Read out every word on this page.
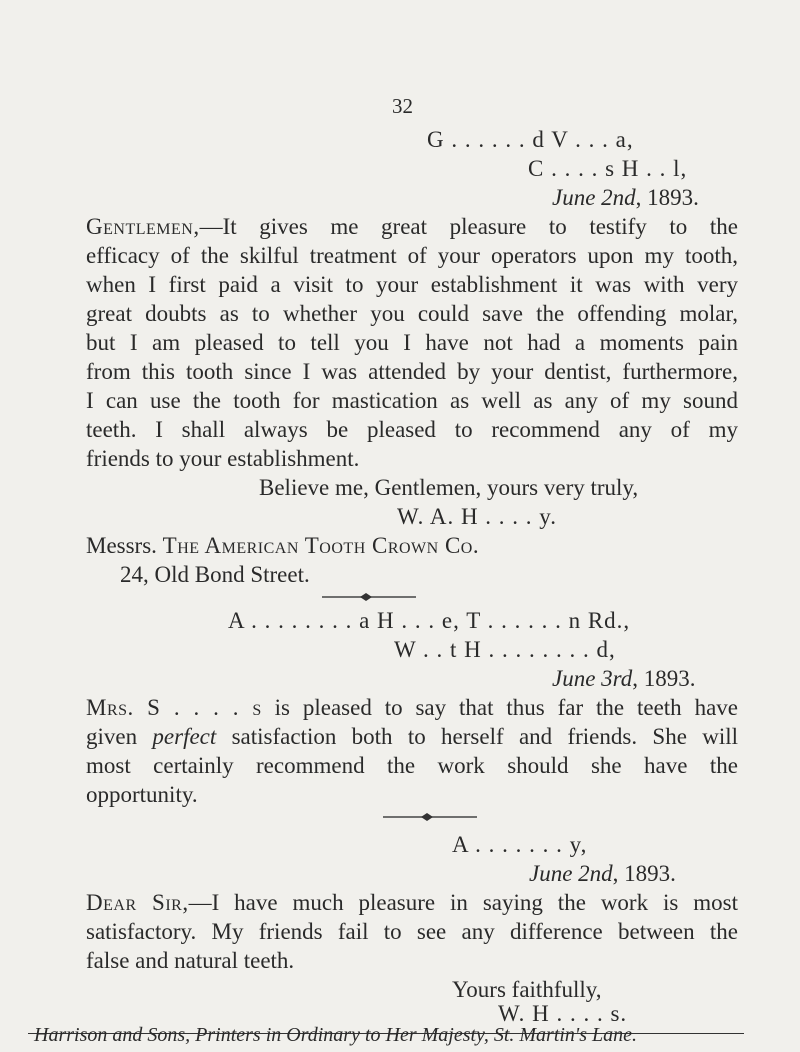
32
G . . . . . . d V . . . a,
C . . . . s H . . l,
June 2nd, 1893.
Gentlemen,—It gives me great pleasure to testify to the
efficacy of the skilful treatment of your operators upon my tooth,
when I first paid a visit to your establishment it was with very
great doubts as to whether you could save the offending molar,
but I am pleased to tell you I have not had a moments pain
from this tooth since I was attended by your dentist, furthermore,
I can use the tooth for mastication as well as any of my sound
teeth. I shall always be pleased to recommend any of my
friends to your establishment.
Believe me, Gentlemen, yours very truly,
W. A. H . . . . y.
Messrs. The American Tooth Crown Co.
24, Old Bond Street.
A . . . . . . . . a H . . . e, T . . . . . . n Rd.,
W . . t H . . . . . . . . d,
June 3rd, 1893.
Mrs. S . . . . s is pleased to say that thus far the teeth have
given perfect satisfaction both to herself and friends. She will
most certainly recommend the work should she have the
opportunity.
A . . . . . . . y,
June 2nd, 1893.
Dear Sir,—I have much pleasure in saying the work is most
satisfactory. My friends fail to see any difference between the
false and natural teeth.
Yours faithfully,
W. H . . . . s.
Harrison and Sons, Printers in Ordinary to Her Majesty, St. Martin's Lane.
